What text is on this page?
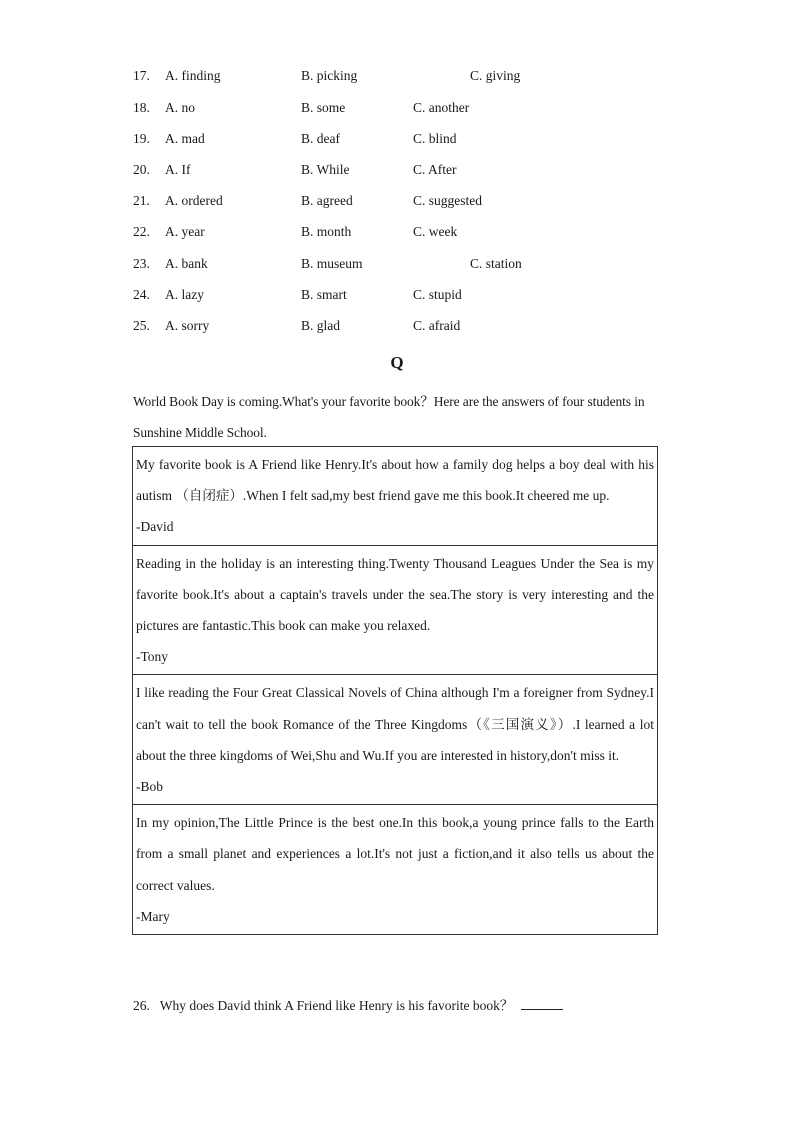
17. A. finding	B. picking	C. giving
18. A. no	B. some	C. another
19. A. mad	B. deaf	C. blind
20. A. If	B. While	C. After
21. A. ordered	B. agreed	C. suggested
22. A. year	B. month	C. week
23. A. bank	B. museum	C. station
24. A. lazy	B. smart	C. stupid
25. A. sorry	B. glad	C. afraid
Q
World Book Day is coming.What's your favorite book？Here are the answers of four students in Sunshine Middle School.
My favorite book is A Friend like Henry.It's about how a family dog helps a boy deal with his autism （自闭症）.When I felt sad,my best friend gave me this book.It cheered me up.
-David
Reading in the holiday is an interesting thing.Twenty Thousand Leagues Under the Sea is my favorite book.It's about a captain's travels under the sea.The story is very interesting and the pictures are fantastic.This book can make you relaxed.
-Tony
I like reading the Four Great Classical Novels of China although I'm a foreigner from Sydney.I can't wait to tell the book Romance of the Three Kingdoms（《三国演义》）.I learned a lot about the three kingdoms of Wei,Shu and Wu.If you are interested in history,don't miss it.
-Bob
In my opinion,The Little Prince is the best one.In this book,a young prince falls to the Earth from a small planet and experiences a lot.It's not just a fiction,and it also tells us about the correct values.
-Mary
26. Why does David think A Friend like Henry is his favorite book？
